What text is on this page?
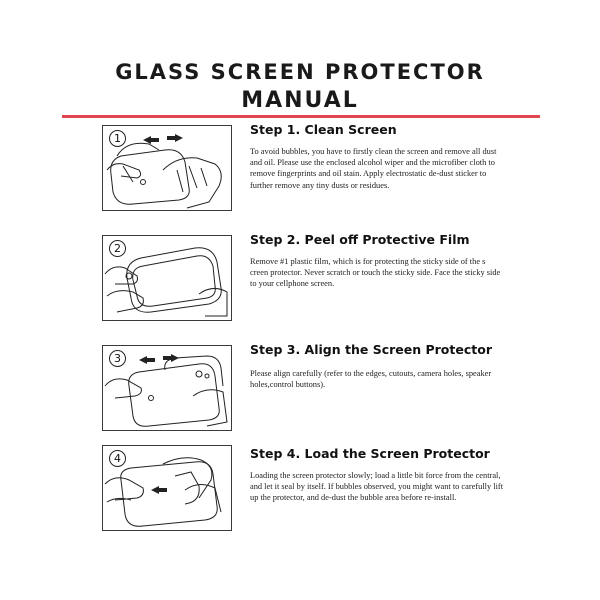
GLASS SCREEN PROTECTOR
MANUAL
1
Step 1. Clean Screen

To avoid bubbles, you have to firstly clean the screen and remove all dust and oil. Please use the enclosed alcohol wiper and the microfiber cloth to remove fingerprints and oil stain. Apply electrostatic de-dust sticker to further remove any tiny dusts or residues.

2
Step 2. Peel off Protective Film

Remove #1 plastic film, which is for protecting the sticky side of the s creen protector. Never scratch or touch the sticky side. Face the sticky side to your cellphone screen.

3
Step 3. Align the Screen Protector

Please align carefully (refer to the edges, cutouts, camera holes, speaker holes,control buttons).

4	Step 4. Load the Screen Protector

Loading the screen protector slowly; load a little bit force from the central, and let it seal by itself. If bubbles observed, you might want to carefully lift up the protector, and de-dust the bubble area before re-install.
